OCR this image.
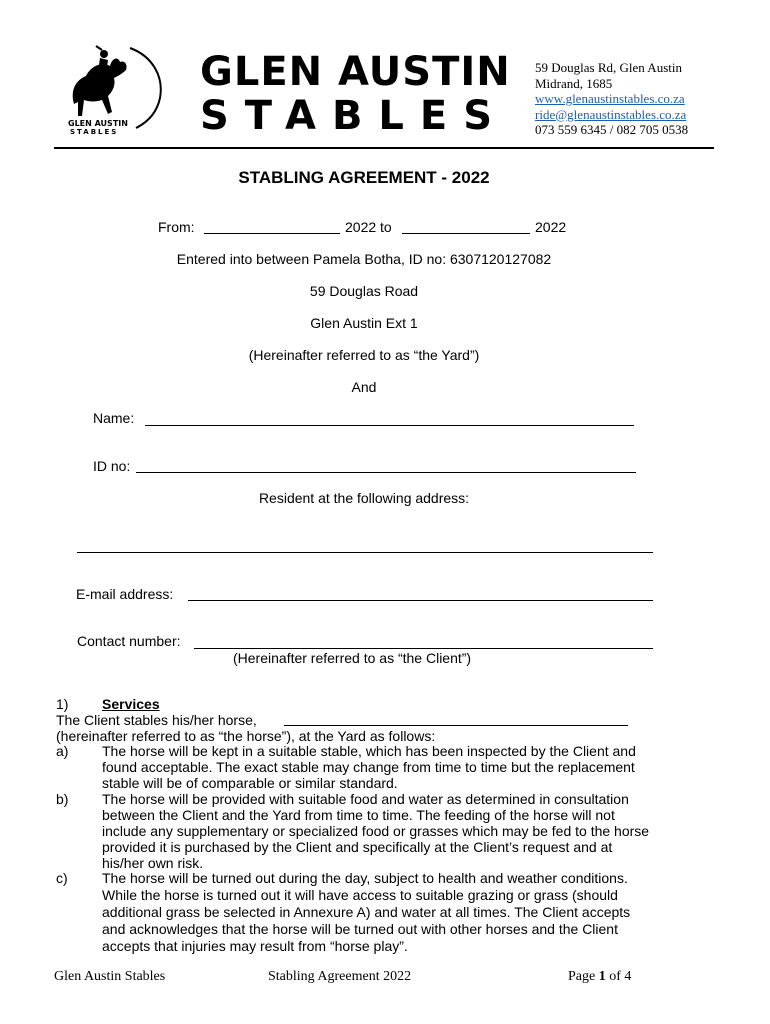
GLEN AUSTIN
STABLES
GLEN AUSTIN
STABLES
59 Douglas Rd, Glen Austin
Midrand, 1685
www.glenaustinstables.co.za
ride@glenaustinstables.co.za
073 559 6345 / 082 705 0538
STABLING AGREEMENT - 2022
From:	2022 to	2022
Entered into between Pamela Botha, ID no: 6307120127082
59 Douglas Road
Glen Austin Ext 1
(Hereinafter referred to as “the Yard”)
And
Name:
ID no:
Resident at the following address:
E-mail address:
Contact number:
(Hereinafter referred to as “the Client”)
1) Services
The Client stables his/her horse,
(hereinafter referred to as “the horse”), at the Yard as follows:
a) The horse will be kept in a suitable stable, which has been inspected by the Client and
found acceptable. The exact stable may change from time to time but the replacement
stable will be of comparable or similar standard.
b) The horse will be provided with suitable food and water as determined in consultation
between the Client and the Yard from time to time. The feeding of the horse will not
include any supplementary or specialized food or grasses which may be fed to the horse
provided it is purchased by the Client and specifically at the Client’s request and at
his/her own risk.
c) The horse will be turned out during the day, subject to health and weather conditions.
While the horse is turned out it will have access to suitable grazing or grass (should
additional grass be selected in Annexure A) and water at all times. The Client accepts
and acknowledges that the horse will be turned out with other horses and the Client
accepts that injuries may result from “horse play”.
Glen Austin Stables	Stabling Agreement 2022	Page 1 of 4
